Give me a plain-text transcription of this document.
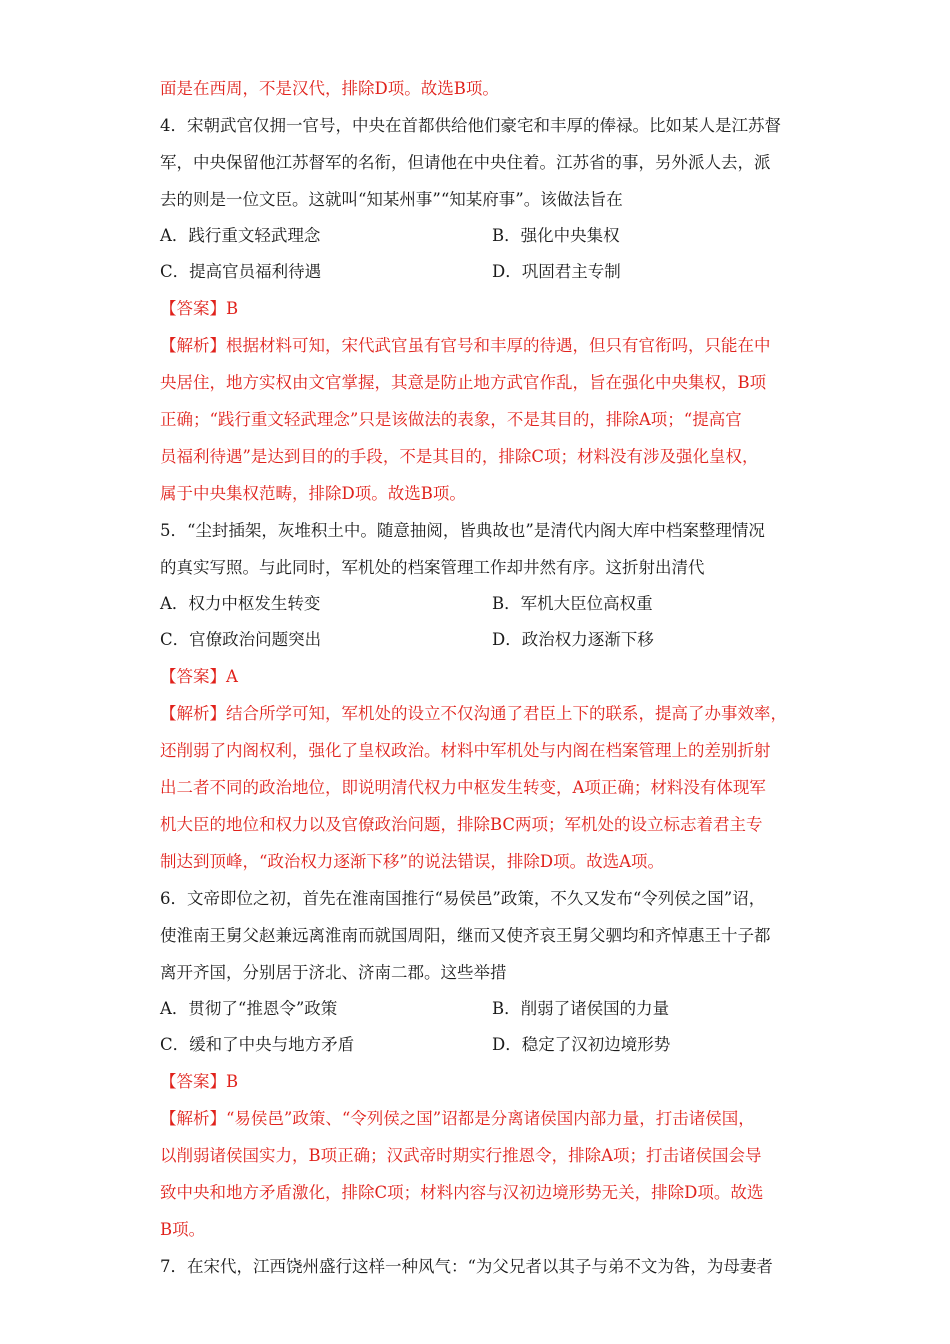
面是在西周，不是汉代，排除D项。故选B项。
4．宋朝武官仅拥一官号，中央在首都供给他们豪宅和丰厚的俸禄。比如某人是江苏督
军，中央保留他江苏督军的名衔，但请他在中央住着。江苏省的事，另外派人去，派
去的则是一位文臣。这就叫“知某州事”“知某府事”。该做法旨在
A．践行重文轻武理念	B．强化中央集权
C．提高官员福利待遇	D．巩固君主专制
【答案】B
【解析】根据材料可知，宋代武官虽有官号和丰厚的待遇，但只有官衔吗，只能在中
央居住，地方实权由文官掌握，其意是防止地方武官作乱，旨在强化中央集权，B项
正确；“践行重文轻武理念”只是该做法的表象，不是其目的，排除A项；“提高官
员福利待遇”是达到目的的手段，不是其目的，排除C项；材料没有涉及强化皇权，
属于中央集权范畴，排除D项。故选B项。
5．“尘封插架，灰堆积土中。随意抽阅，皆典故也”是清代内阁大库中档案整理情况
的真实写照。与此同时，军机处的档案管理工作却井然有序。这折射出清代
A．权力中枢发生转变	B．军机大臣位高权重
C．官僚政治问题突出	D．政治权力逐渐下移
【答案】A
【解析】结合所学可知，军机处的设立不仅沟通了君臣上下的联系，提高了办事效率，
还削弱了内阁权利，强化了皇权政治。材料中军机处与内阁在档案管理上的差别折射
出二者不同的政治地位，即说明清代权力中枢发生转变，A项正确；材料没有体现军
机大臣的地位和权力以及官僚政治问题，排除BC两项；军机处的设立标志着君主专
制达到顶峰，“政治权力逐渐下移”的说法错误，排除D项。故选A项。
6．文帝即位之初，首先在淮南国推行“易侯邑”政策，不久又发布“令列侯之国”诏，
使淮南王舅父赵兼远离淮南而就国周阳，继而又使齐哀王舅父驷均和齐悼惠王十子都
离开齐国，分别居于济北、济南二郡。这些举措
A．贯彻了“推恩令”政策	B．削弱了诸侯国的力量
C．缓和了中央与地方矛盾	D．稳定了汉初边境形势
【答案】B
【解析】“易侯邑”政策、“令列侯之国”诏都是分离诸侯国内部力量，打击诸侯国，
以削弱诸侯国实力，B项正确；汉武帝时期实行推恩令，排除A项；打击诸侯国会导
致中央和地方矛盾激化，排除C项；材料内容与汉初边境形势无关，排除D项。故选
B项。
7．在宋代，江西饶州盛行这样一种风气：“为父兄者以其子与弟不文为咎，为母妻者
